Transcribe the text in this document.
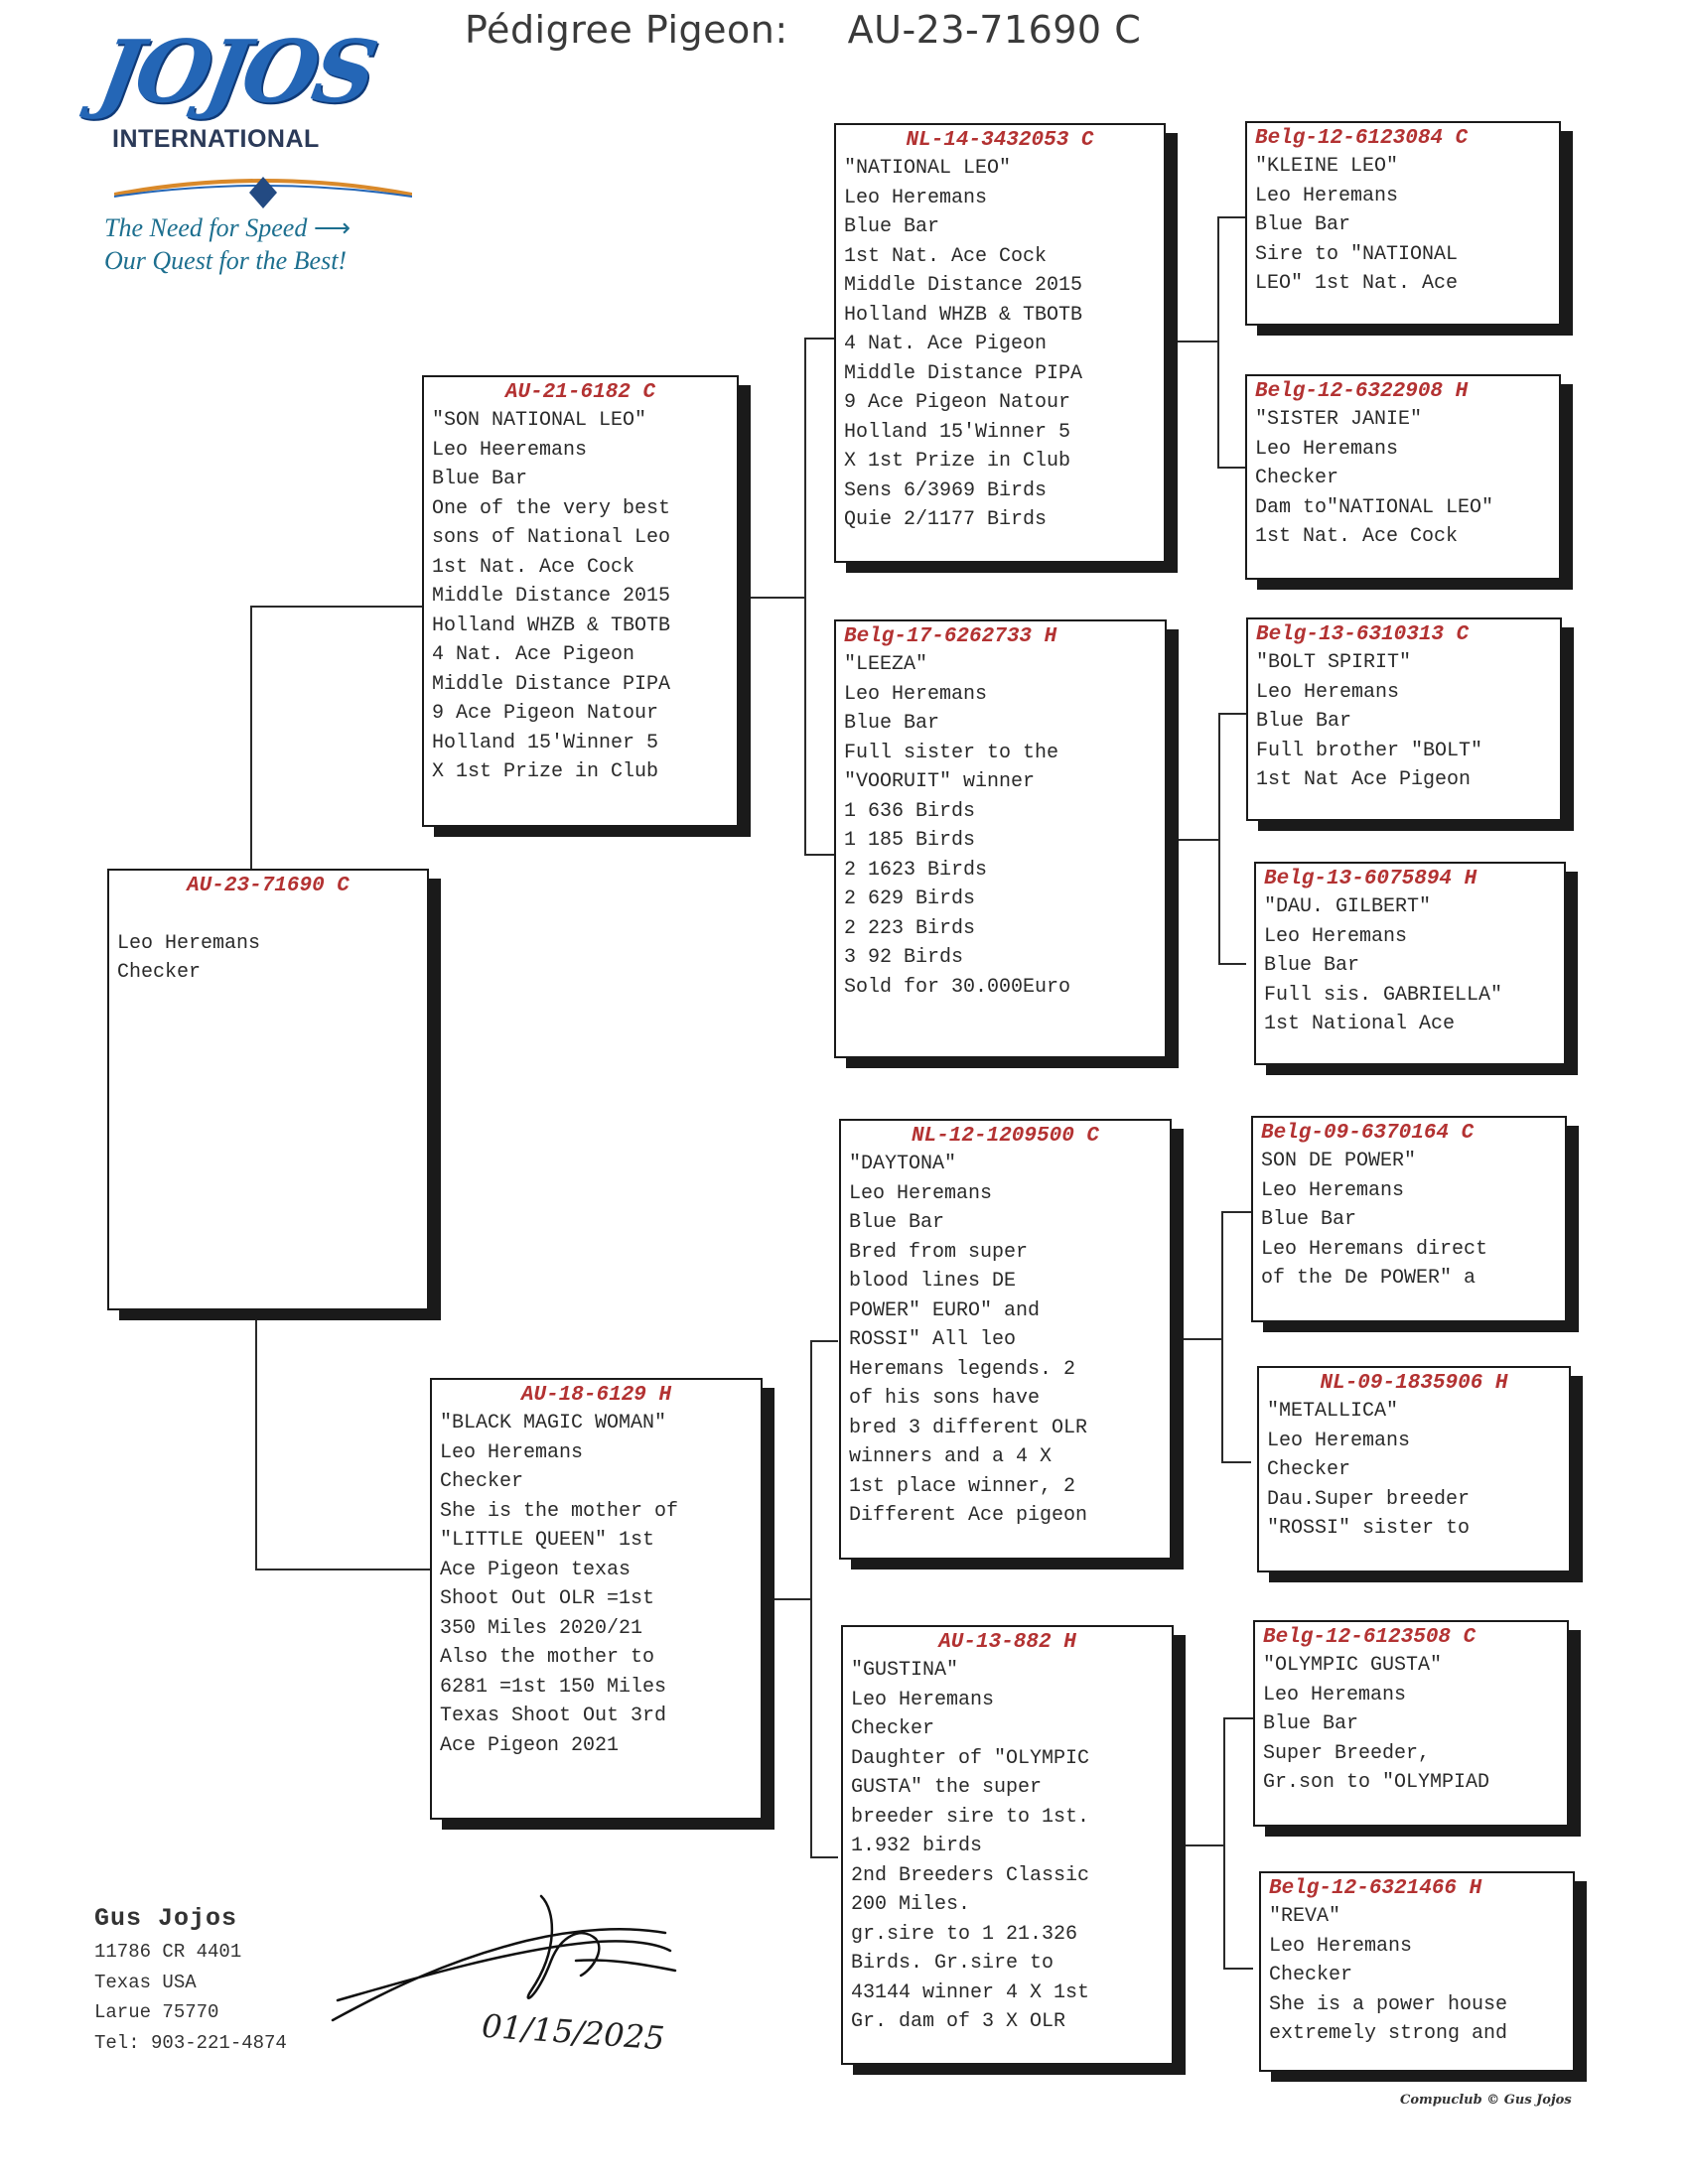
Pédigree Pigeon: AU-23-71690 C
JOJOS
INTERNATIONAL
The Need for Speed ⟶
Our Quest for the Best!
AU-23-71690 C
Leo Heremans
Checker
AU-21-6182 C
"SON NATIONAL LEO"
Leo Heeremans
Blue Bar
One of the very best
sons of National Leo
1st Nat. Ace Cock
Middle Distance 2015
Holland WHZB & TBOTB
4 Nat. Ace Pigeon
Middle Distance PIPA
9 Ace Pigeon Natour
Holland 15'Winner 5
X 1st Prize in Club
AU-18-6129 H
"BLACK MAGIC WOMAN"
Leo Heremans
Checker
She is the mother of
"LITTLE QUEEN" 1st
Ace Pigeon texas
Shoot Out OLR =1st
350 Miles 2020/21
Also the mother to
6281 =1st 150 Miles
Texas Shoot Out 3rd
Ace Pigeon 2021
NL-14-3432053 C
"NATIONAL LEO"
Leo Heremans
Blue Bar
1st Nat. Ace Cock
Middle Distance 2015
Holland WHZB & TBOTB
4 Nat. Ace Pigeon
Middle Distance PIPA
9 Ace Pigeon Natour
Holland 15'Winner 5
X 1st Prize in Club
Sens 6/3969 Birds
Quie 2/1177 Birds
Belg-17-6262733 H
"LEEZA"
Leo Heremans
Blue Bar
Full sister to the
"VOORUIT" winner
1 636 Birds
1 185 Birds
2 1623 Birds
2 629 Birds
2 223 Birds
3 92 Birds
Sold for 30.000Euro
NL-12-1209500 C
"DAYTONA"
Leo Heremans
Blue Bar
Bred from super
blood lines DE
POWER" EURO" and
ROSSI" All leo
Heremans legends. 2
of his sons have
bred 3 different OLR
winners and a 4 X
1st place winner, 2
Different Ace pigeon
AU-13-882 H
"GUSTINA"
Leo Heremans
Checker
Daughter of "OLYMPIC
GUSTA" the super
breeder sire to 1st.
1.932 birds
2nd Breeders Classic
200 Miles.
gr.sire to 1 21.326
Birds. Gr.sire to
43144 winner 4 X 1st
Gr. dam of 3 X OLR
Belg-12-6123084 C
"KLEINE LEO"
Leo Heremans
Blue Bar
Sire to "NATIONAL
LEO" 1st Nat. Ace
Belg-12-6322908 H
"SISTER JANIE"
Leo Heremans
Checker
Dam to"NATIONAL LEO"
1st Nat. Ace Cock
Belg-13-6310313 C
"BOLT SPIRIT"
Leo Heremans
Blue Bar
Full brother "BOLT"
1st Nat Ace Pigeon
Belg-13-6075894 H
"DAU. GILBERT"
Leo Heremans
Blue Bar
Full sis. GABRIELLA"
1st National Ace
Belg-09-6370164 C
SON DE POWER"
Leo Heremans
Blue Bar
Leo Heremans direct
of the De POWER" a
NL-09-1835906 H
"METALLICA"
Leo Heremans
Checker
Dau.Super breeder
"ROSSI" sister to
Belg-12-6123508 C
"OLYMPIC GUSTA"
Leo Heremans
Blue Bar
Super Breeder,
Gr.son to "OLYMPIAD
Belg-12-6321466 H
"REVA"
Leo Heremans
Checker
She is a power house
extremely strong and
Gus Jojos
11786 CR 4401
Texas USA
Larue 75770
Tel: 903-221-4874	01/15/2025
Compuclub © Gus Jojos
